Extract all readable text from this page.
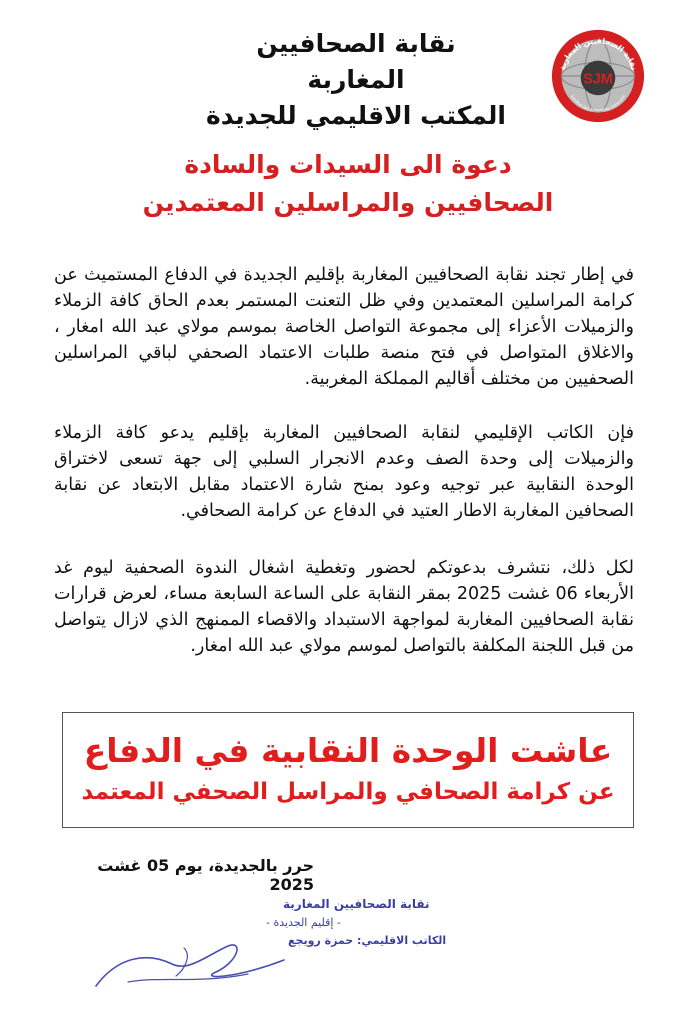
نقابة الصحافيين المغاربة
المكتب الاقليمي للجديدة
SJM
نقابة الصحافيين المغاربة
Syndicat des Journalistes marocains
دعوة الى السيدات والسادة
الصحافيين والمراسلين المعتمدين

في إطار تجند نقابة الصحافيين المغاربة بإقليم الجديدة في الدفاع المستميث عن كرامة المراسلين المعتمدين وفي ظل التعنت المستمر بعدم الحاق كافة الزملاء والزميلات الأعزاء إلى مجموعة التواصل الخاصة بموسم مولاي عبد الله امغار ، والاغلاق المتواصل في فتح منصة طلبات الاعتماد الصحفي لباقي المراسلين الصحفيين من مختلف أقاليم المملكة المغربية.

فإن الكاتب الإقليمي لنقابة الصحافيين المغاربة بإقليم يدعو كافة الزملاء والزميلات إلى وحدة الصف وعدم الانجرار السلبي إلى جهة تسعى لاختراق الوحدة النقابية عبر توجيه وعود بمنح شارة الاعتماد مقابل الابتعاد عن نقابة الصحافين المغاربة الاطار العتيد في الدفاع عن كرامة الصحافي.

لكل ذلك، نتشرف بدعوتكم لحضور وتغطية اشغال الندوة الصحفية ليوم غد الأربعاء 06 غشت 2025 بمقر النقابة على الساعة السابعة مساء، لعرض قرارات نقابة الصحافيين المغاربة لمواجهة الاستبداد والاقصاء الممنهج الذي لازال يتواصل من قبل اللجنة المكلفة بالتواصل لموسم مولاي عبد الله امغار.

عاشت الوحدة النقابية في الدفاع
عن كرامة الصحافي والمراسل الصحفي المعتمد
حرر بالجديدة، يوم 05 غشت 2025
نقابة الصحافيين المغاربة
- إقليم الجديدة -
الكاتب الاقليمي: حمزة رويجع
